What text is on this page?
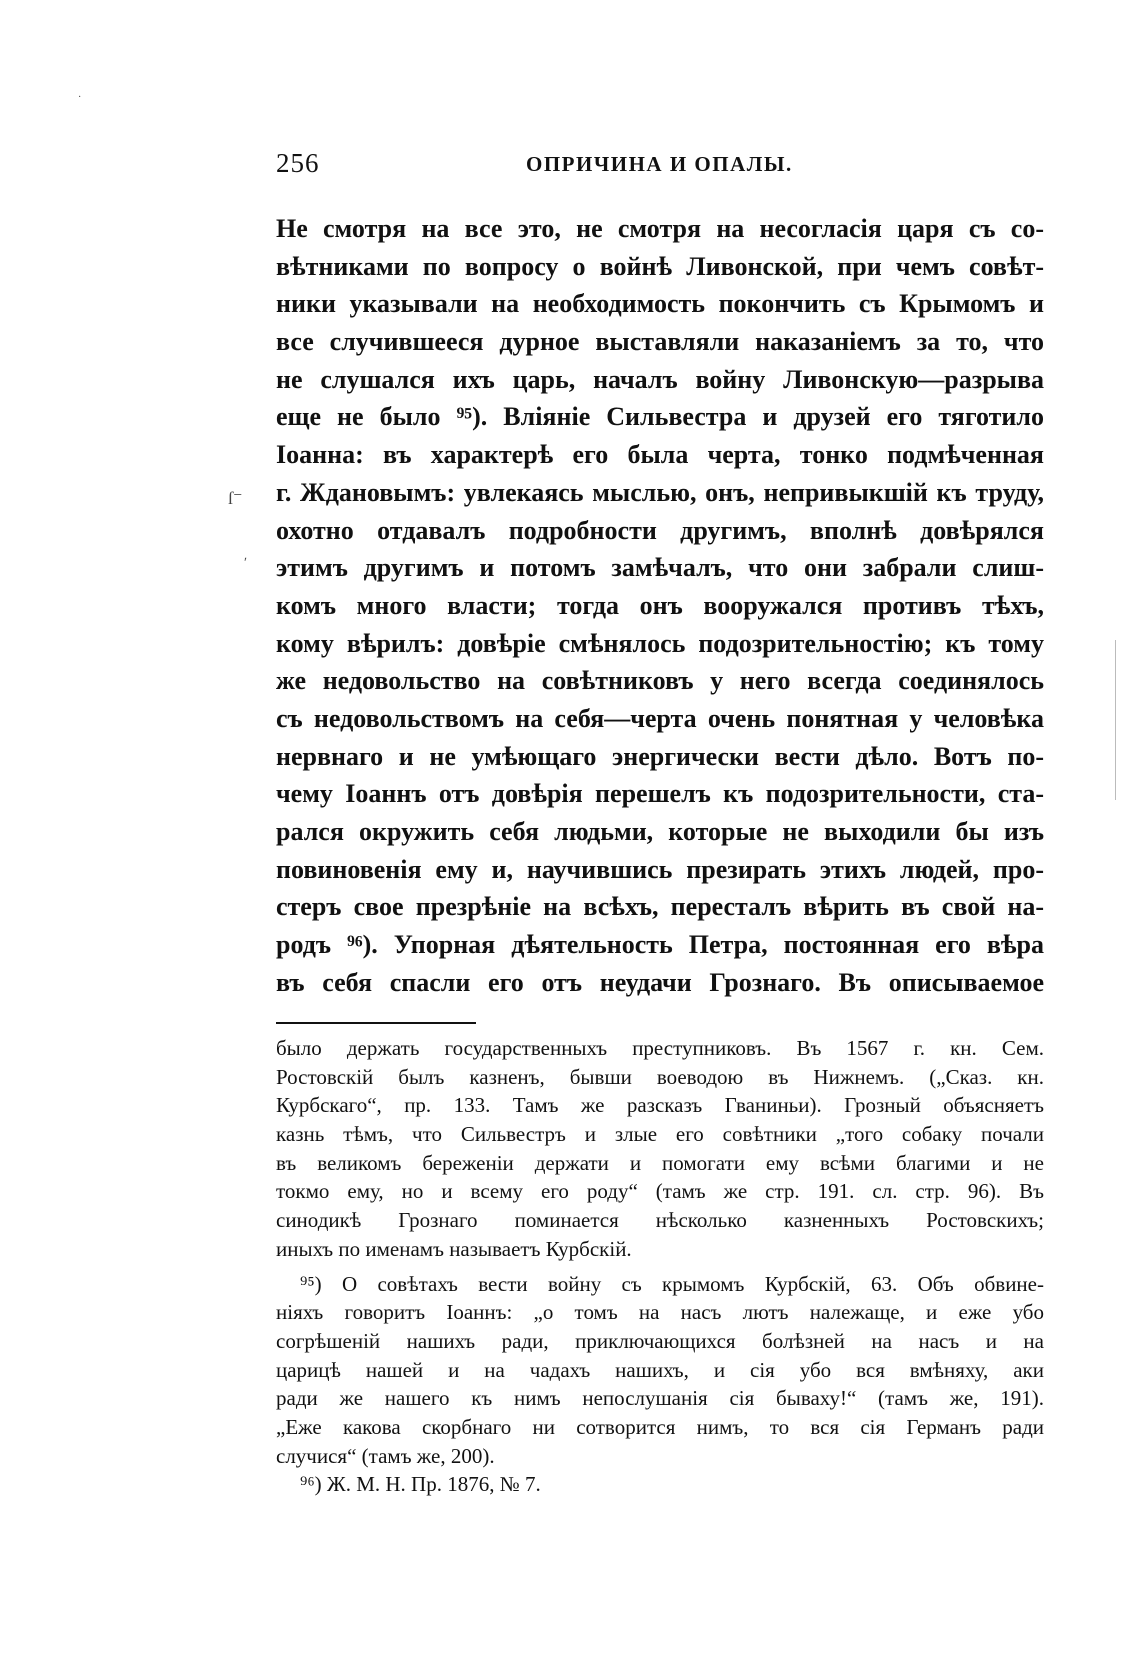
·
ſ⁻
ʹ
256	ОПРИЧИНА И ОПАЛЫ.
Не смотря на все это, не смотря на несогласія царя съ со-
вѣтниками по вопросу о войнѣ Ливонской, при чемъ совѣт-
ники указывали на необходимость покончить съ Крымомъ и
все случившееся дурное выставляли наказаніемъ за то, что
не слушался ихъ царь, началъ войну Ливонскую—разрыва
еще не было ⁹⁵). Вліяніе Сильвестра и друзей его тяготило
Іоанна: въ характерѣ его была черта, тонко подмѣченная
г. Ждановымъ: увлекаясь мыслью, онъ, непривыкшій къ труду,
охотно отдавалъ подробности другимъ, вполнѣ довѣрялся
этимъ другимъ и потомъ замѣчалъ, что они забрали слиш-
комъ много власти; тогда онъ вооружался противъ тѣхъ,
кому вѣрилъ: довѣріе смѣнялось подозрительностію; къ тому
же недовольство на совѣтниковъ у него всегда соединялось
съ недовольствомъ на себя—черта очень понятная у человѣка
нервнаго и не умѣющаго энергически вести дѣло. Вотъ по-
чему Іоаннъ отъ довѣрія перешелъ къ подозрительности, ста-
рался окружить себя людьми, которые не выходили бы изъ
повиновенія ему и, научившись презирать этихъ людей, про-
стеръ свое презрѣніе на всѣхъ, пересталъ вѣрить въ свой на-
родъ ⁹⁶). Упорная дѣятельность Петра, постоянная его вѣра
въ себя спасли его отъ неудачи Грознаго. Въ описываемое
было держать государственныхъ преступниковъ. Въ 1567 г. кн. Сем.
Ростовскій былъ казненъ, бывши воеводою въ Нижнемъ. („Сказ. кн.
Курбскаго“, пр. 133. Тамъ же разсказъ Гваниньи). Грозный объясняетъ
казнь тѣмъ, что Сильвестръ и злые его совѣтники „того собаку почали
въ великомъ береженіи держати и помогати ему всѣми благими и не
токмо ему, но и всему его роду“ (тамъ же стр. 191. сл. стр. 96). Въ
синодикѣ Грознаго поминается нѣсколько казненныхъ Ростовскихъ;
иныхъ по именамъ называетъ Курбскій.
⁹⁵) О совѣтахъ вести войну съ крымомъ Курбскій, 63. Объ обвине-
ніяхъ говоритъ Іоаннъ: „о томъ на насъ лютъ належаще, и еже убо
согрѣшеній нашихъ ради, приключающихся болѣзней на насъ и на
царицѣ нашей и на чадахъ нашихъ, и сія убо вся вмѣняху, аки
ради же нашего къ нимъ непослушанія сія бываху!“ (тамъ же, 191).
„Еже какова скорбнаго ни сотворится нимъ, то вся сія Германъ ради
случися“ (тамъ же, 200).
⁹⁶) Ж. М. Н. Пр. 1876, № 7.
